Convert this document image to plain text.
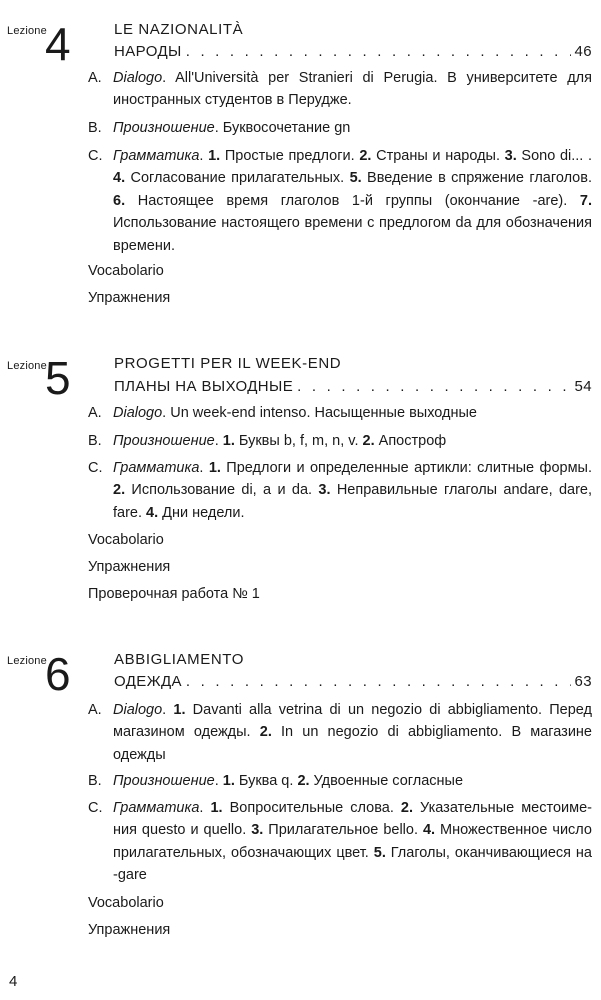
Lezione
4	LE NAZIONALITÀ
НАРОДЫ . . .	46
A. Dialogo. All'Università per Stranieri di Perugia. В университете для иностранных студентов в Перудже.
B. Произношение. Буквосочетание gn
C. Грамматика. 1. Простые предлоги. 2. Страны и народы. 3. Sono di... . 4. Согласование прилагательных. 5. Введение в спряжение глаголов. 6. Настоящее время глаголов 1-й группы (окончание -are). 7. Использование настоящего времени с предлогом da для обозначения времени.
Vocabolario
Упражнения
Lezione
5	PROGETTI PER IL WEEK-END
ПЛАНЫ НА ВЫХОДНЫЕ . . .	54
A. Dialogo. Un week-end intenso. Насыщенные выходные
B. Произношение. 1. Буквы b, f, m, n, v. 2. Апостроф
C. Грамматика. 1. Предлоги и определенные артикли: слитные формы. 2. Использование di, a и da. 3. Неправильные глаголы andare, dare, fare. 4. Дни недели.
Vocabolario
Упражнения
Проверочная работа № 1
Lezione
6	ABBIGLIAMENTO
ОДЕЖДА . . .	63
A. Dialogo. 1. Davanti alla vetrina di un negozio di abbigliamento. Перед магазином одежды. 2. In un negozio di abbigliamento. В магазине одежды
B. Произношение. 1. Буква q. 2. Удвоенные согласные
C. Грамматика. 1. Вопросительные слова. 2. Указательные местоимения questo и quello. 3. Прилагательное bello. 4. Множественное число прилагательных, обозначающих цвет. 5. Глаголы, оканчивающиеся на -gare
Vocabolario
Упражнения
4
